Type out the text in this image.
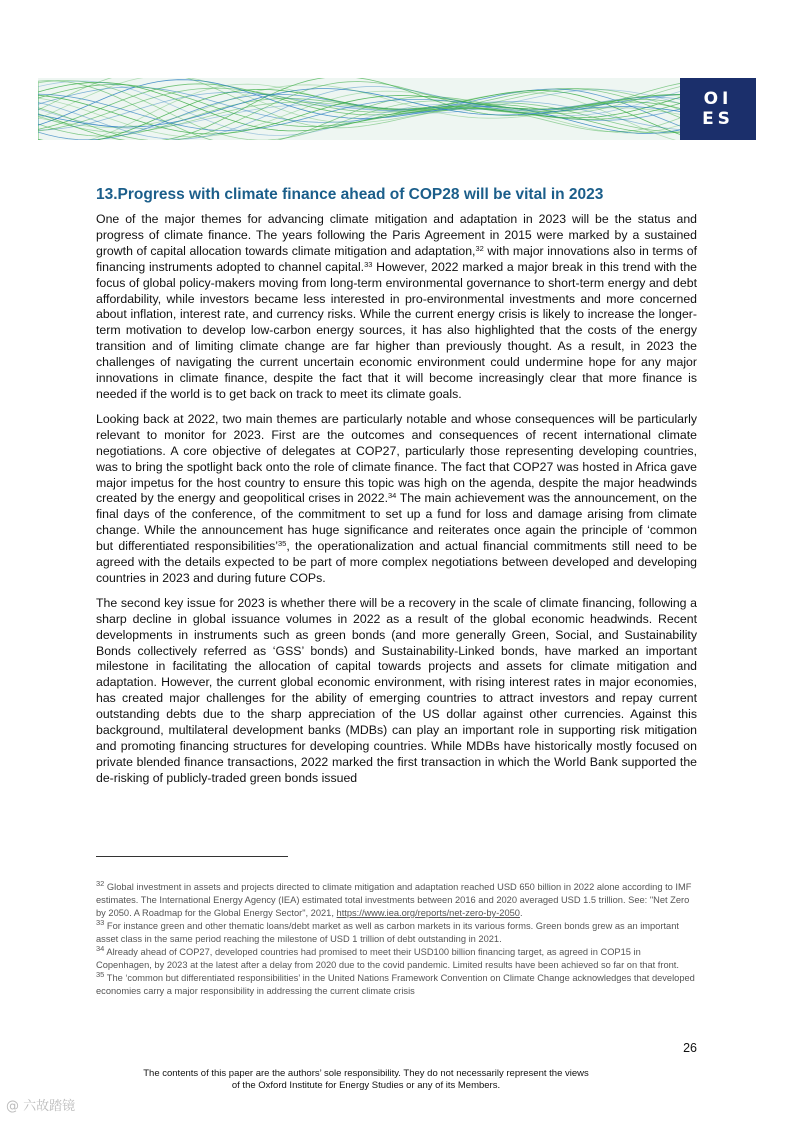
OI
ES
13.Progress with climate finance ahead of COP28 will be vital in 2023

One of the major themes for advancing climate mitigation and adaptation in 2023 will be the status and progress of climate finance. The years following the Paris Agreement in 2015 were marked by a sustained growth of capital allocation towards climate mitigation and adaptation,$^{32}$ with major innovations also in terms of financing instruments adopted to channel capital.$^{33}$ However, 2022 marked a major break in this trend with the focus of global policy-makers moving from long-term environmental governance to short-term energy and debt affordability, while investors became less interested in pro-environmental investments and more concerned about inflation, interest rate, and currency risks. While the current energy crisis is likely to increase the longer-term motivation to develop low-carbon energy sources, it has also highlighted that the costs of the energy transition and of limiting climate change are far higher than previously thought. As a result, in 2023 the challenges of navigating the current uncertain economic environment could undermine hope for any major innovations in climate finance, despite the fact that it will become increasingly clear that more finance is needed if the world is to get back on track to meet its climate goals.

Looking back at 2022, two main themes are particularly notable and whose consequences will be particularly relevant to monitor for 2023. First are the outcomes and consequences of recent international climate negotiations. A core objective of delegates at COP27, particularly those representing developing countries, was to bring the spotlight back onto the role of climate finance. The fact that COP27 was hosted in Africa gave major impetus for the host country to ensure this topic was high on the agenda, despite the major headwinds created by the energy and geopolitical crises in 2022.34 The main achievement was the announcement, on the final days of the conference, of the commitment to set up a fund for loss and damage arising from climate change. While the announcement has huge significance and reiterates once again the principle of ‘common but differentiated responsibilities’$^{35}$, the operationalization and actual financial commitments still need to be agreed with the details expected to be part of more complex negotiations between developed and developing countries in 2023 and during future COPs.

The second key issue for 2023 is whether there will be a recovery in the scale of climate financing, following a sharp decline in global issuance volumes in 2022 as a result of the global economic headwinds. Recent developments in instruments such as green bonds (and more generally Green, Social, and Sustainability Bonds collectively referred as ‘GSS’ bonds) and Sustainability-Linked bonds, have marked an important milestone in facilitating the allocation of capital towards projects and assets for climate mitigation and adaptation. However, the current global economic environment, with rising interest rates in major economies, has created major challenges for the ability of emerging countries to attract investors and repay current outstanding debts due to the sharp appreciation of the US dollar against other currencies. Against this background, multilateral development banks (MDBs) can play an important role in supporting risk mitigation and promoting financing structures for developing countries. While MDBs have historically mostly focused on private blended finance transactions, 2022 marked the first transaction in which the World Bank supported the de-risking of publicly-traded green bonds issued

$^{32}$ Global investment in assets and projects directed to climate mitigation and adaptation reached USD 650 billion in 2022 alone according to IMF estimates. The International Energy Agency (IEA) estimated total investments between 2016 and 2020 averaged USD 1.5 trillion. See: "Net Zero by 2050. A Roadmap for the Global Energy Sector", 2021, https://www.iea.org/reports/net-zero-by-2050.

$^{33}$ For instance green and other thematic loans/debt market as well as carbon markets in its various forms. Green bonds grew as an important asset class in the same period reaching the milestone of USD 1 trillion of debt outstanding in 2021.

$^{34}$ Already ahead of COP27, developed countries had promised to meet their USD100 billion financing target, as agreed in COP15 in Copenhagen, by 2023 at the latest after a delay from 2020 due to the covid pandemic. Limited results have been achieved so far on that front.

$^{35}$ The ‘common but differentiated responsibilities’ in the United Nations Framework Convention on Climate Change acknowledges that developed economies carry a major responsibility in addressing the current climate crisis

26
The contents of this paper are the authors’ sole responsibility. They do not necessarily represent the views
of the Oxford Institute for Energy Studies or any of its Members.
@ 六故踏镜
